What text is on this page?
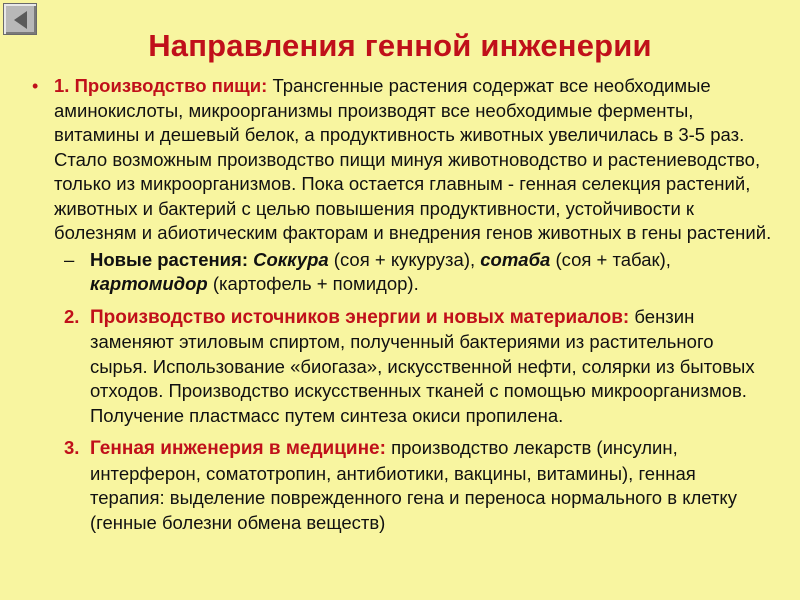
Направления генной инженерии
• 1. Производство пищи: Трансгенные растения содержат все необходимые аминокислоты, микроорганизмы производят все необходимые ферменты, витамины и дешевый белок, а продуктивность животных увеличилась в 3-5 раз. Стало возможным производство пищи минуя животноводство и растениеводство, только из микроорганизмов. Пока остается главным - генная селекция растений, животных и бактерий с целью повышения продуктивности, устойчивости к болезням и абиотическим факторам и внедрения генов животных в гены растений.
– Новые растения: Соккура (соя + кукуруза), сотаба (соя + табак), картомидор (картофель + помидор).
2. Производство источников энергии и новых материалов: бензин заменяют этиловым спиртом, полученный бактериями из растительного сырья. Использование «биогаза», искусственной нефти, солярки из бытовых отходов. Производство искусственных тканей с помощью микроорганизмов. Получение пластмасс путем синтеза окиси пропилена.
3. Генная инженерия в медицине: производство лекарств (инсулин, интерферон, соматотропин, антибиотики, вакцины, витамины), генная терапия: выделение поврежденного гена и переноса нормального в клетку (генные болезни обмена веществ)
